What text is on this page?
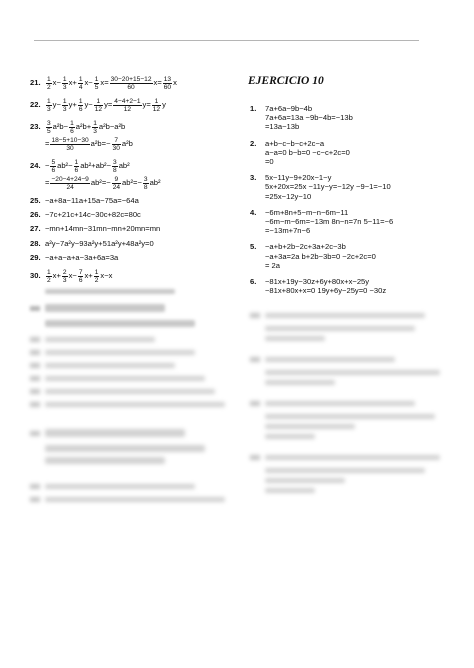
21. $\frac{1}{2} x- \frac{1}{3} x+ \frac{1}{4} x- \frac{1}{5} x= \frac{30-20+15-12}{60} x= \frac{13}{60}$ x
22. $\frac{1}{3} y- \frac{1}{3} y+ \frac{1}{6} y- \frac{1}{12} y= \frac{4-4+2-1}{12} y= \frac{1}{12}$ y
23. $\frac{3}{5} a^2b- \frac{1}{6} a^2b+ \frac{1}{3} a^2b-a^2b$
= $\frac{18-5+10-30}{30} a^2b=- \frac{7}{30} a^2b$
24. − $\frac{5}{6} ab^2- \frac{1}{6} ab^2+ab^2- \frac{3}{8} ab^2$
= $\frac{-20-4+24-9}{24} ab^2=- \frac{9}{24} ab^2=- \frac{3}{8} ab^2$
25. −a+8a−11a+15a−75a=−64a
26. −7c+21c+14c−30c+82c=80c
27. −mn+14mn−31mn−mn+20mn=mn
28. a²y−7a²y−93a²y+51a²y+48a²y=0
29. −a+a−a+a−3a+6a=3a
30. $\frac{1}{2} x+ \frac{2}{3} x- \frac{7}{6} x+ \frac{1}{2} x-x$
EJERCICIO 10
1. 7a+6a−9b−4b
7a+6a=13a −9b−4b=−13b
=13a−13b
2. a+b−c−b−c+2c−a
a−a=0 b−b=0 −c−c+2c=0
=0
3. 5x−11y−9+20x−1−y
5x+20x=25x −11y−y=−12y −9−1=−10
=25x−12y−10
4. −6m+8n+5−m−n−6m−11
−6m−m−6m=−13m 8n−n=7n 5−11=−6
=−13m+7n−6
5. −a+b+2b−2c+3a+2c−3b
−a+3a=2a b+2b−3b=0 −2c+2c=0
= 2a
6. −81x+19y−30z+6y+80x+x−25y
−81x+80x+x=0 19y+6y−25y=0 −30z
